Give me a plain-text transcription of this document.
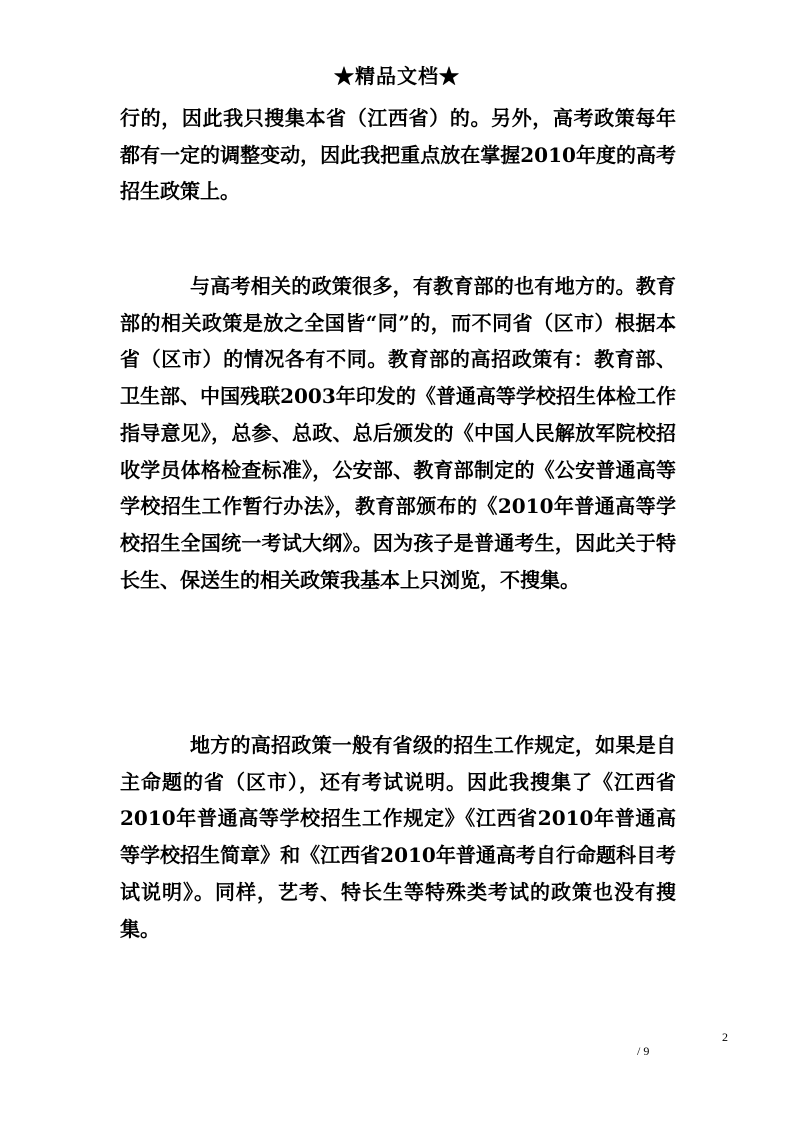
★精品文档★

行的，因此我只搜集本省（江西省）的。另外，高考政策每年都有一定的调整变动，因此我把重点放在掌握2010年度的高考招生政策上。

与高考相关的政策很多，有教育部的也有地方的。教育部的相关政策是放之全国皆“同”的，而不同省（区市）根据本省（区市）的情况各有不同。教育部的高招政策有：教育部、卫生部、中国残联2003年印发的《普通高等学校招生体检工作指导意见》，总参、总政、总后颁发的《中国人民解放军院校招收学员体格检查标准》，公安部、教育部制定的《公安普通高等学校招生工作暂行办法》，教育部颁布的《2010年普通高等学校招生全国统一考试大纲》。因为孩子是普通考生，因此关于特长生、保送生的相关政策我基本上只浏览，不搜集。

地方的高招政策一般有省级的招生工作规定，如果是自主命题的省（区市），还有考试说明。因此我搜集了《江西省2010年普通高等学校招生工作规定》《江西省2010年普通高等学校招生简章》和《江西省2010年普通高考自行命题科目考试说明》。同样，艺考、特长生等特殊类考试的政策也没有搜集。

2
/ 9
